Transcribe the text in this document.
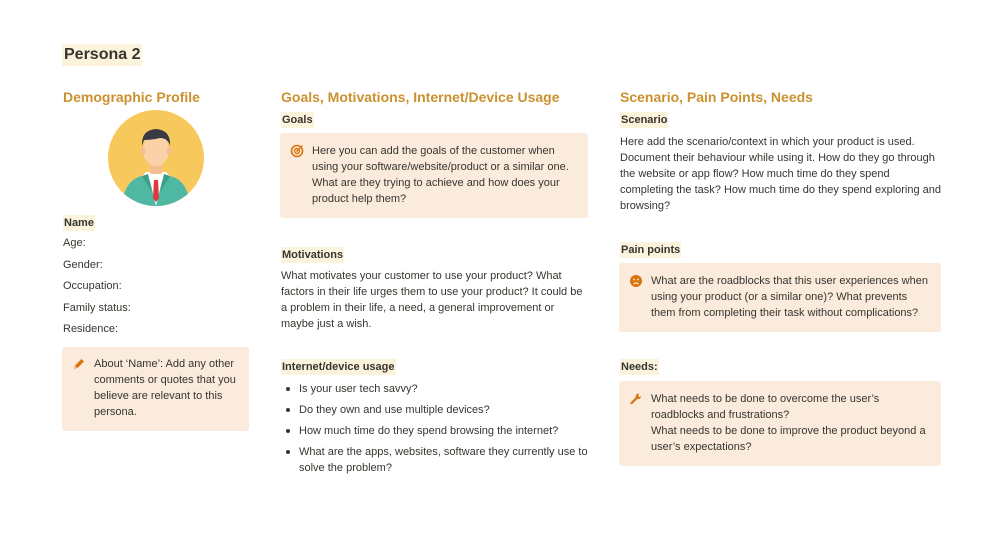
Persona 2
Demographic Profile
Name
Age:
Gender:
Occupation:
Family status:
Residence:
About ‘Name’: Add any other comments or quotes that you believe are relevant to this persona.
Goals, Motivations, Internet/Device Usage
Goals
Here you can add the goals of the customer when using your software/website/product or a similar one. What are they trying to achieve and how does your product help them?
Motivations
What motivates your customer to use your product? What factors in their life urges them to use your product? It could be a problem in their life, a need, a general improvement or maybe just a wish.
Internet/device usage
Is your user tech savvy?
Do they own and use multiple devices?
How much time do they spend browsing the internet?
What are the apps, websites, software they currently use to solve the problem?
Scenario, Pain Points, Needs
Scenario
Here add the scenario/context in which your product is used. Document their behaviour while using it. How do they go through the website or app flow? How much time do they spend completing the task? How much time do they spend exploring and browsing?
Pain points
What are the roadblocks that this user experiences when using your product (or a similar one)? What prevents them from completing their task without complications?
Needs:
What needs to be done to overcome the user’s roadblocks and frustrations?
What needs to be done to improve the product beyond a user’s expectations?
